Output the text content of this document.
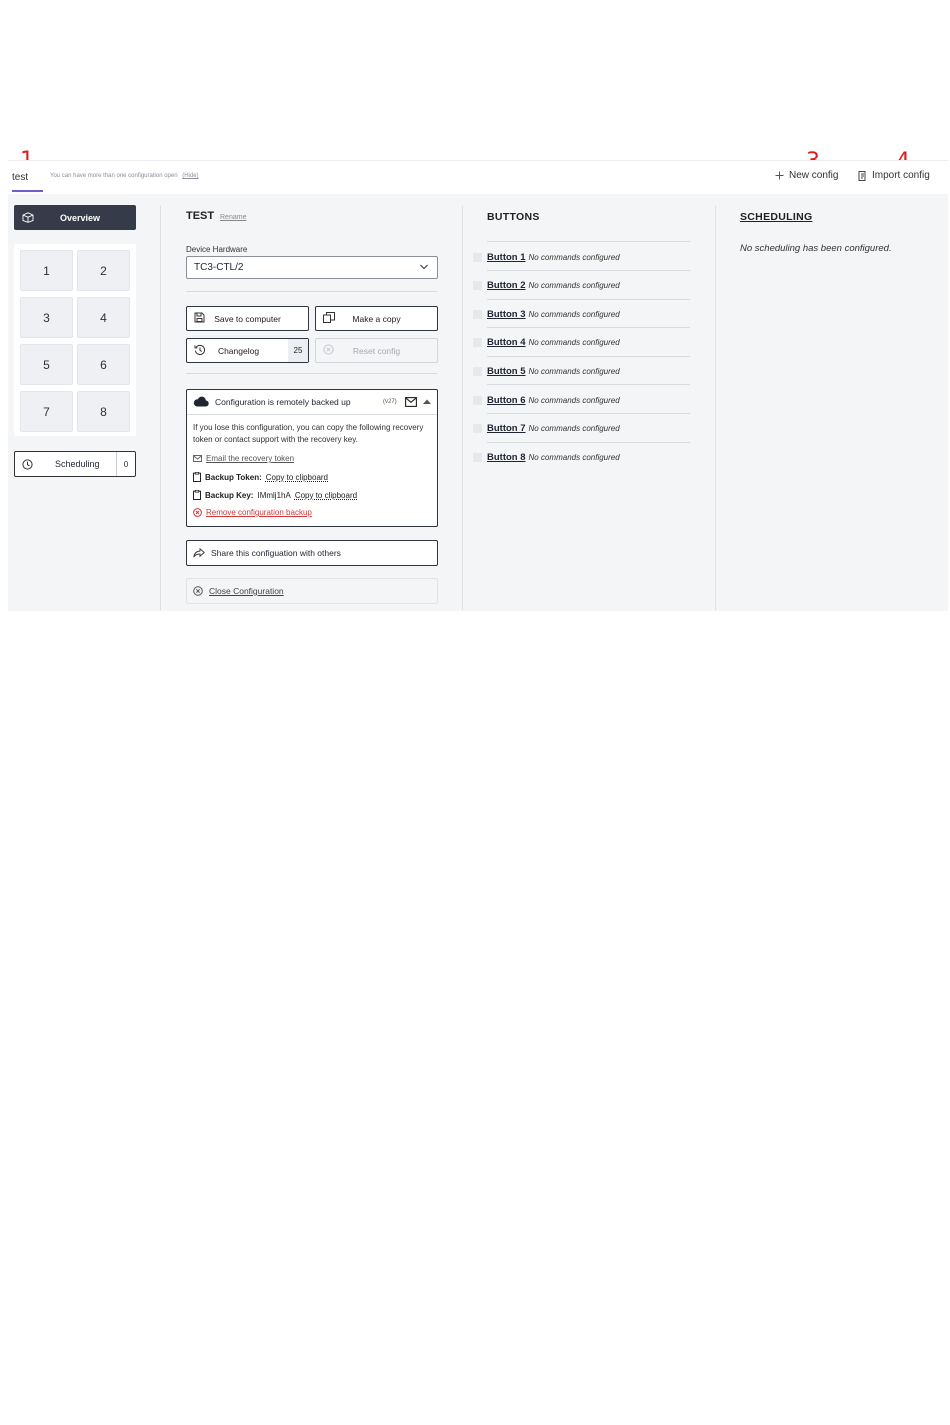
test	You can have more than one configuration open (Hide)	New config	Import config
Overview
1	2
3	4
5	6
7	8
Scheduling	0
TEST Rename
Device Hardware
TC3-CTL/2
Save to computer	Make a copy
Changelog	25	Reset config
Configuration is remotely backed up	(v27)
If you lose this configuration, you can copy the following recovery token or contact support with the recovery key.
Email the recovery token
Backup Token: Copy to clipboard
Backup Key: IMmlj1hA Copy to clipboard
Remove configuration backup
Share this configuation with others
Close Configuration
BUTTONS	SCHEDULING
No scheduling has been configured.
Button 1 No commands configured
Button 2 No commands configured
Button 3 No commands configured
Button 4 No commands configured
Button 5 No commands configured
Button 6 No commands configured
Button 7 No commands configured
Button 8 No commands configured
